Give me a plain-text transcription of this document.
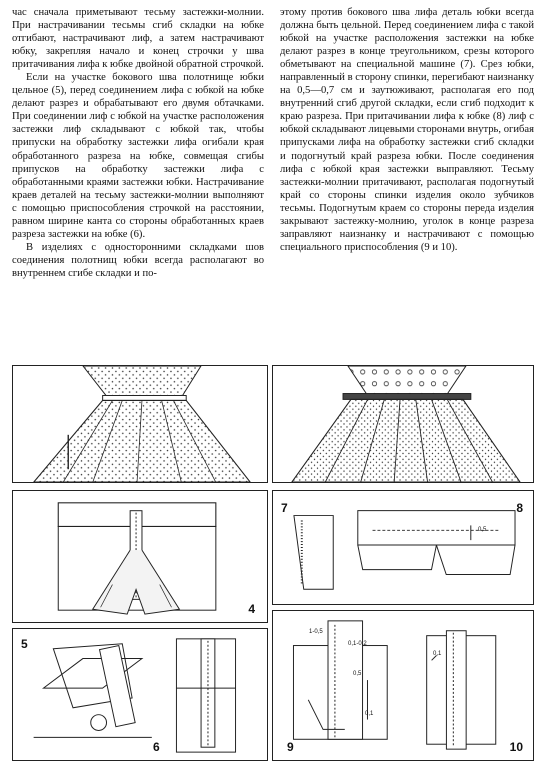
час сначала приметывают тесьму застежки-молнии. При настрачивании тесьмы сгиб складки на юбке отгибают, настрачивают лиф, а затем настрачивают юбку, закрепляя начало и конец строчки у шва притачивания лифа к юбке двойной обратной строчкой.

Если на участке бокового шва полотнище юбки цельное (5), перед соединением лифа с юбкой на юбке делают разрез и обрабатывают его двумя обтачками. При соединении лиф с юбкой на участке расположения застежки лиф складывают с юбкой так, чтобы припуски на обработку застежки лифа огибали края обработанного разреза на юбке, совмещая сгибы припусков на обработку застежки лифа с обработанными краями застежки юбки. Настрачивание краев деталей на тесьму застежки-молнии выполняют с помощью приспособления строчкой на расстоянии, равном ширине канта со стороны обработанных краев разреза застежки на юбке (6).

В изделиях с односторонними складками шов соединения полотнищ юбки всегда располагают во внутреннем сгибе складки и по-

этому против бокового шва лифа деталь юбки всегда должна быть цельной. Перед соединением лифа с такой юбкой на участке расположения застежки на юбке делают разрез в конце треугольником, срезы которого обметывают на специальной машине (7). Срез юбки, направленный в сторону спинки, перегибают наизнанку на 0,5—0,7 см и заутюживают, располагая его под внутренний сгиб другой складки, если сгиб подходит к краю разреза. При притачивании лифа к юбке (8) лиф с юбкой складывают лицевыми сторонами внутрь, огибая припусками лифа на обработку застежки сгиб складки и подогнутый край разреза юбки. После соединения лифа с юбкой края застежки выправляют. Тесьму застежки-молнии притачивают, располагая подогнутый край со стороны спинки изделия около зубчиков тесьмы. Подогнутым краем со стороны переда изделия закрывают застежку-молнию, уголок в конце разреза заправляют наизнанку и настрачивают с помощью специального приспособления (9 и 10).

4
5
6
7	8
0,5
9	10
1-0,5
0,1-0,2
0,5
0,1
0,1
